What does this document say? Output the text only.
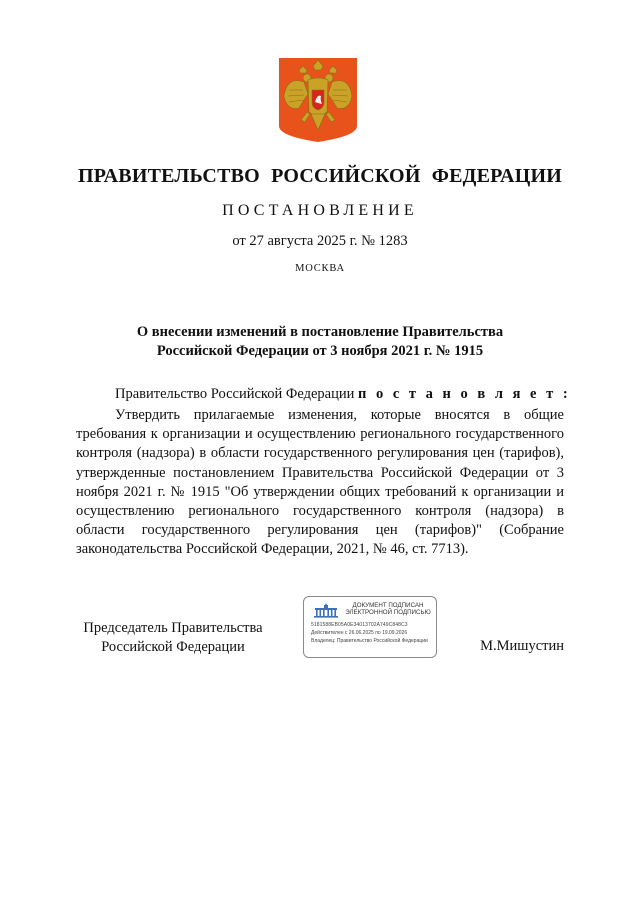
ПРАВИТЕЛЬСТВО РОССИЙСКОЙ ФЕДЕРАЦИИ
ПОСТАНОВЛЕНИЕ
от 27 августа 2025 г. № 1283
МОСКВА
О внесении изменений в постановление Правительства
Российской Федерации от 3 ноября 2021 г. № 1915
Правительство Российской Федерации п о с т а н о в л я е т :
Утвердить прилагаемые изменения, которые вносятся в общие требования к организации и осуществлению регионального государственного контроля (надзора) в области государственного регулирования цен (тарифов), утвержденные постановлением Правительства Российской Федерации от 3 ноября 2021 г. № 1915 "Об утверждении общих требований к организации и осуществлению регионального государственного контроля (надзора) в области государственного регулирования цен (тарифов)" (Собрание законодательства Российской Федерации, 2021, № 46, ст. 7713).
Председатель Правительства
Российской Федерации
ДОКУМЕНТ ПОДПИСАН
ЭЛЕКТРОННОЙ ПОДПИСЬЮ
5181588EB05A0E34013702A749C848C3
Действителен с 26.06.2025 по 19.09.2026
Владелец: Правительство Российской Федерации	М.Мишустин
